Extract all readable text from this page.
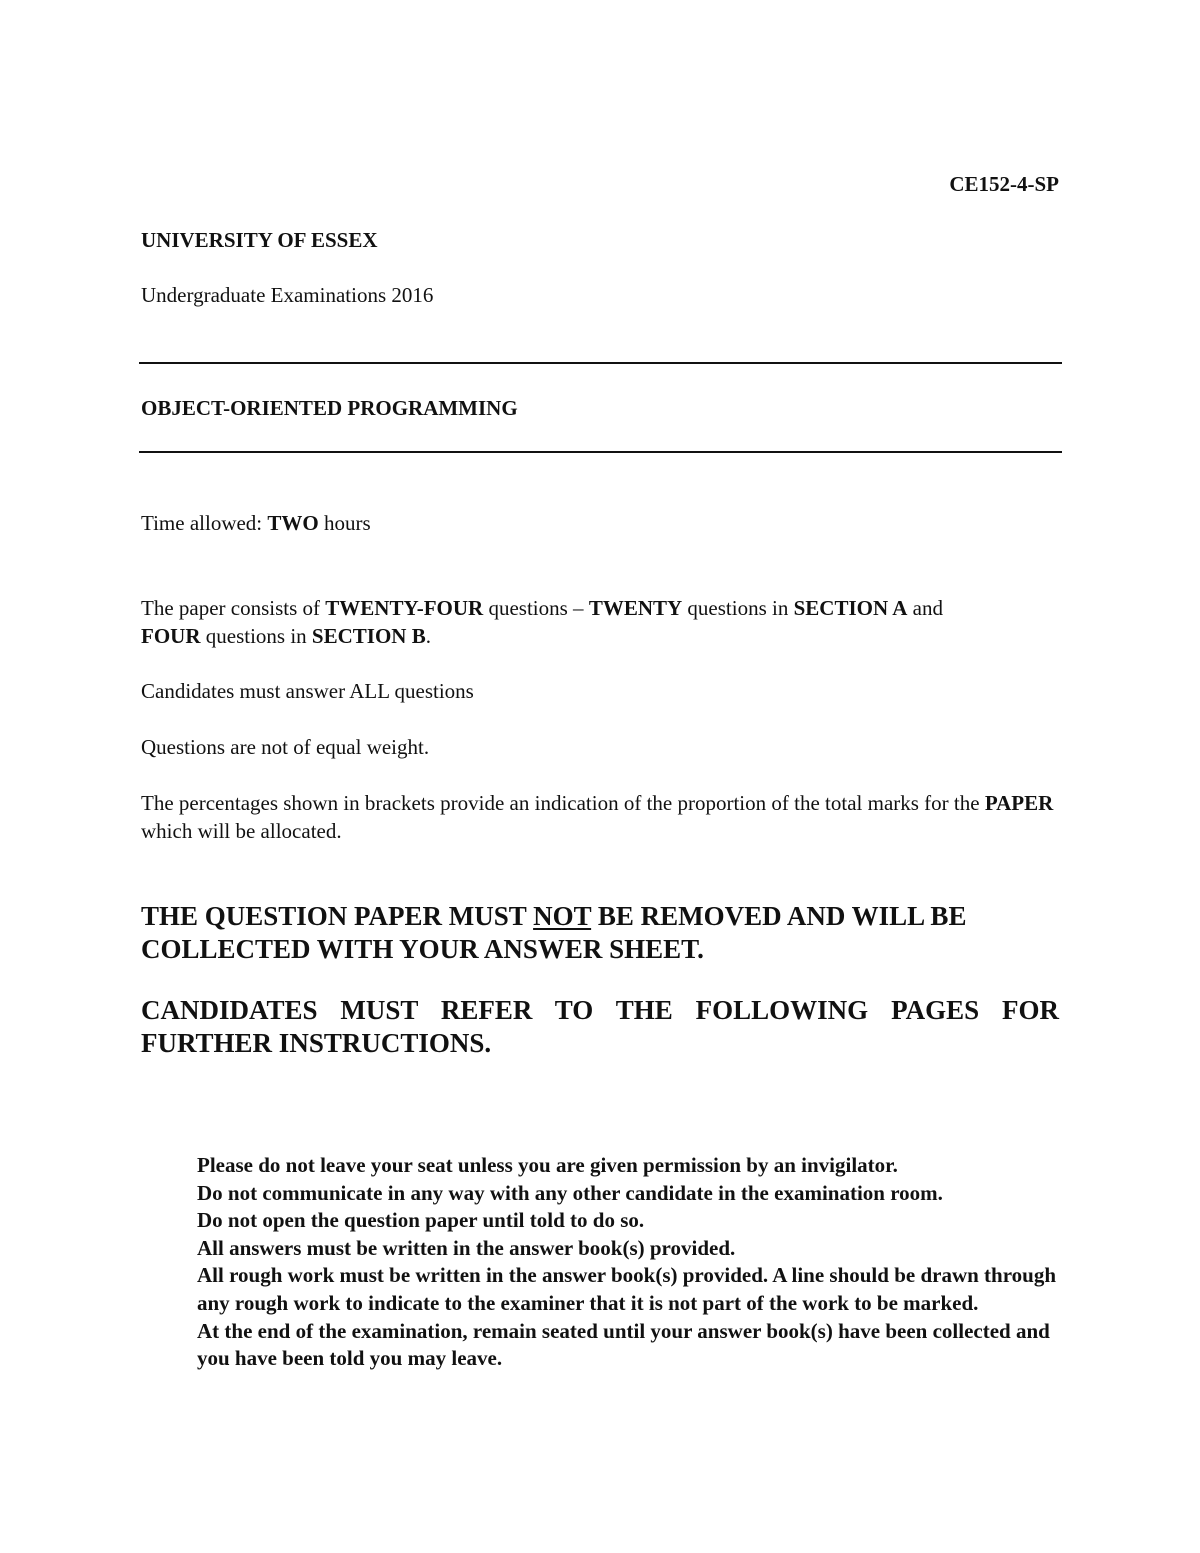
CE152-4-SP
UNIVERSITY OF ESSEX
Undergraduate Examinations 2016
OBJECT-ORIENTED PROGRAMMING
Time allowed: TWO hours
The paper consists of TWENTY-FOUR questions – TWENTY questions in SECTION A and
FOUR questions in SECTION B.
Candidates must answer ALL questions
Questions are not of equal weight.
The percentages shown in brackets provide an indication of the proportion of the total marks for the PAPER which will be allocated.
THE QUESTION PAPER MUST NOT BE REMOVED AND WILL BE COLLECTED WITH YOUR ANSWER SHEET.
CANDIDATES MUST REFER TO THE FOLLOWING PAGES FOR
FURTHER INSTRUCTIONS.
Please do not leave your seat unless you are given permission by an invigilator.
Do not communicate in any way with any other candidate in the examination room.
Do not open the question paper until told to do so.
All answers must be written in the answer book(s) provided.
All rough work must be written in the answer book(s) provided. A line should be drawn through any rough work to indicate to the examiner that it is not part of the work to be marked.
At the end of the examination, remain seated until your answer book(s) have been collected and you have been told you may leave.
